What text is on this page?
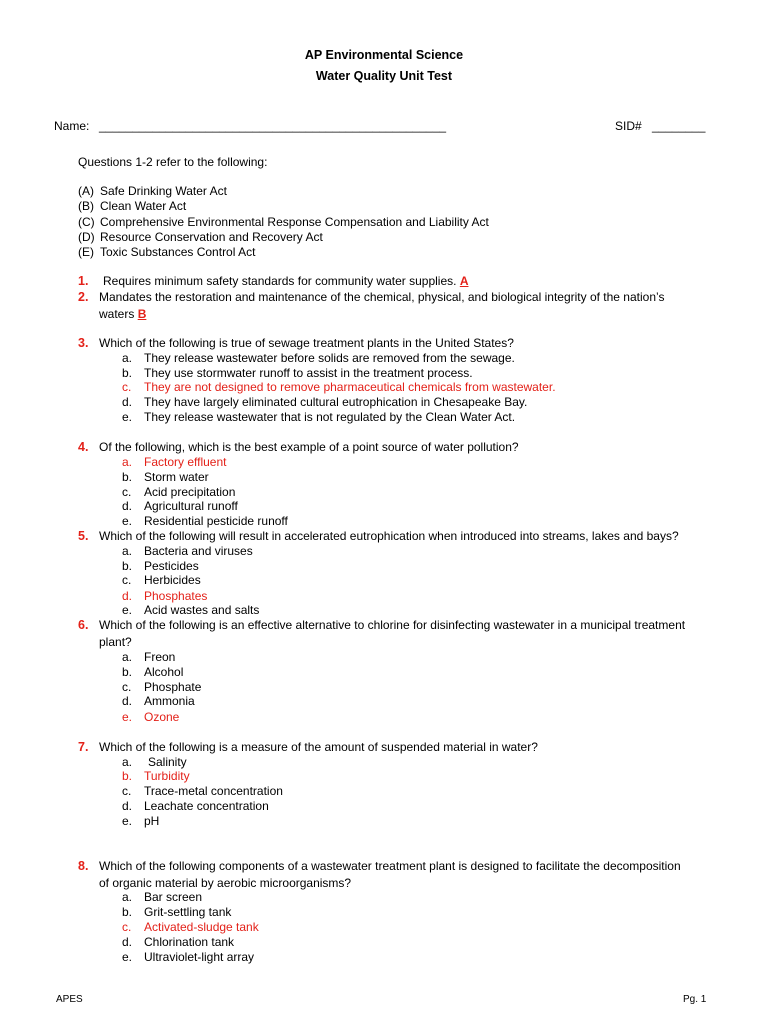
AP Environmental Science
Water Quality Unit Test
Name: ____________________________________________________	SID# ________
Questions 1-2 refer to the following:
(A) Safe Drinking Water Act
(B) Clean Water Act
(C) Comprehensive Environmental Response Compensation and Liability Act
(D) Resource Conservation and Recovery Act
(E) Toxic Substances Control Act
1. Requires minimum safety standards for community water supplies. A
2. Mandates the restoration and maintenance of the chemical, physical, and biological integrity of the nation’s
waters B
3. Which of the following is true of sewage treatment plants in the United States?
a. They release wastewater before solids are removed from the sewage.
b. They use stormwater runoff to assist in the treatment process.
c. They are not designed to remove pharmaceutical chemicals from wastewater.
d. They have largely eliminated cultural eutrophication in Chesapeake Bay.
e. They release wastewater that is not regulated by the Clean Water Act.
4. Of the following, which is the best example of a point source of water pollution?
a. Factory effluent
b. Storm water
c. Acid precipitation
d. Agricultural runoff
e. Residential pesticide runoff
5. Which of the following will result in accelerated eutrophication when introduced into streams, lakes and bays?
a. Bacteria and viruses
b. Pesticides
c. Herbicides
d. Phosphates
e. Acid wastes and salts
6. Which of the following is an effective alternative to chlorine for disinfecting wastewater in a municipal treatment
plant?
a. Freon
b. Alcohol
c. Phosphate
d. Ammonia
e. Ozone
7. Which of the following is a measure of the amount of suspended material in water?
a. Salinity
b. Turbidity
c. Trace-metal concentration
d. Leachate concentration
e. pH
8. Which of the following components of a wastewater treatment plant is designed to facilitate the decomposition
of organic material by aerobic microorganisms?
a. Bar screen
b. Grit-settling tank
c. Activated-sludge tank
d. Chlorination tank
e. Ultraviolet-light array
APES	Pg. 1
